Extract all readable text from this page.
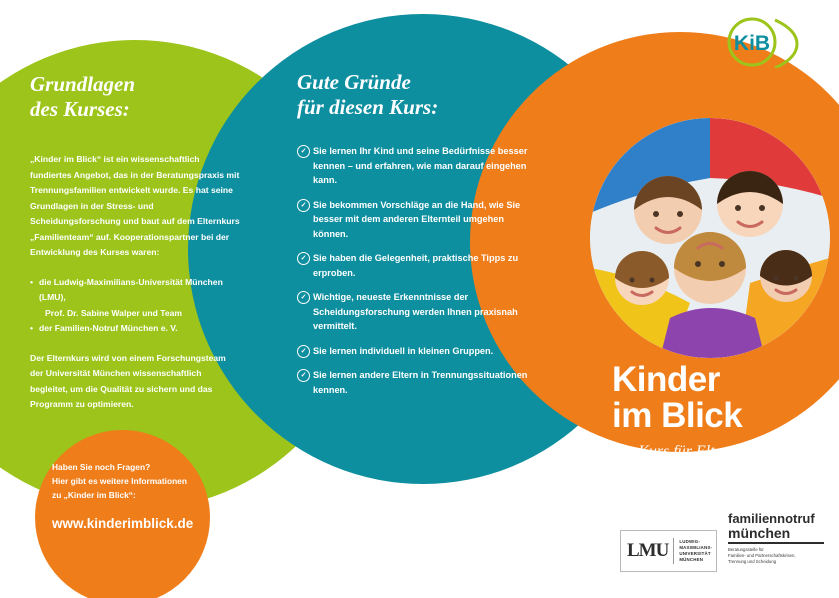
KiB
Grundlagen
des Kurses:

„Kinder im Blick“ ist ein wissenschaftlich fundiertes Angebot, das in der Beratungspraxis mit Trennungsfamilien entwickelt wurde. Es hat seine Grundlagen in der Stress- und Scheidungsforschung und baut auf dem Elternkurs „Familienteam“ auf. Kooperationspartner bei der Entwicklung des Kurses waren:

• die Ludwig-Maximilians-Universität München (LMU),
Prof. Dr. Sabine Walper und Team
• der Familien-Notruf München e. V.

Der Elternkurs wird von einem Forschungsteam der Universität München wissenschaftlich begleitet, um die Qualität zu sichern und das Programm zu optimieren.

Gute Gründe
für diesen Kurs:
✓ Sie lernen Ihr Kind und seine Bedürfnisse besser kennen – und erfahren, wie man darauf eingehen kann.
✓ Sie bekommen Vorschläge an die Hand, wie Sie besser mit dem anderen Elternteil umgehen können.
✓ Sie haben die Gelegenheit, praktische Tipps zu erproben.
✓ Wichtige, neueste Erkenntnisse der Scheidungsforschung werden Ihnen praxisnah vermittelt.
✓ Sie lernen individuell in kleinen Gruppen.
✓ Sie lernen andere Eltern in Trennungssituationen kennen.	Kinder
im Blick
Ein Kurs für Eltern
in Trennung

Haben Sie noch Fragen?

Hier gibt es weitere Informationen

zu „Kinder im Blick“:

www.kinderimblick.de
LMU	LUDWIG-
MAXIMILIANS-
UNIVERSITÄT
MÜNCHEN
familiennotruf
münchen
Beratungsstelle für
Familien- und Partnerschaftskrisen,
Trennung und Scheidung
